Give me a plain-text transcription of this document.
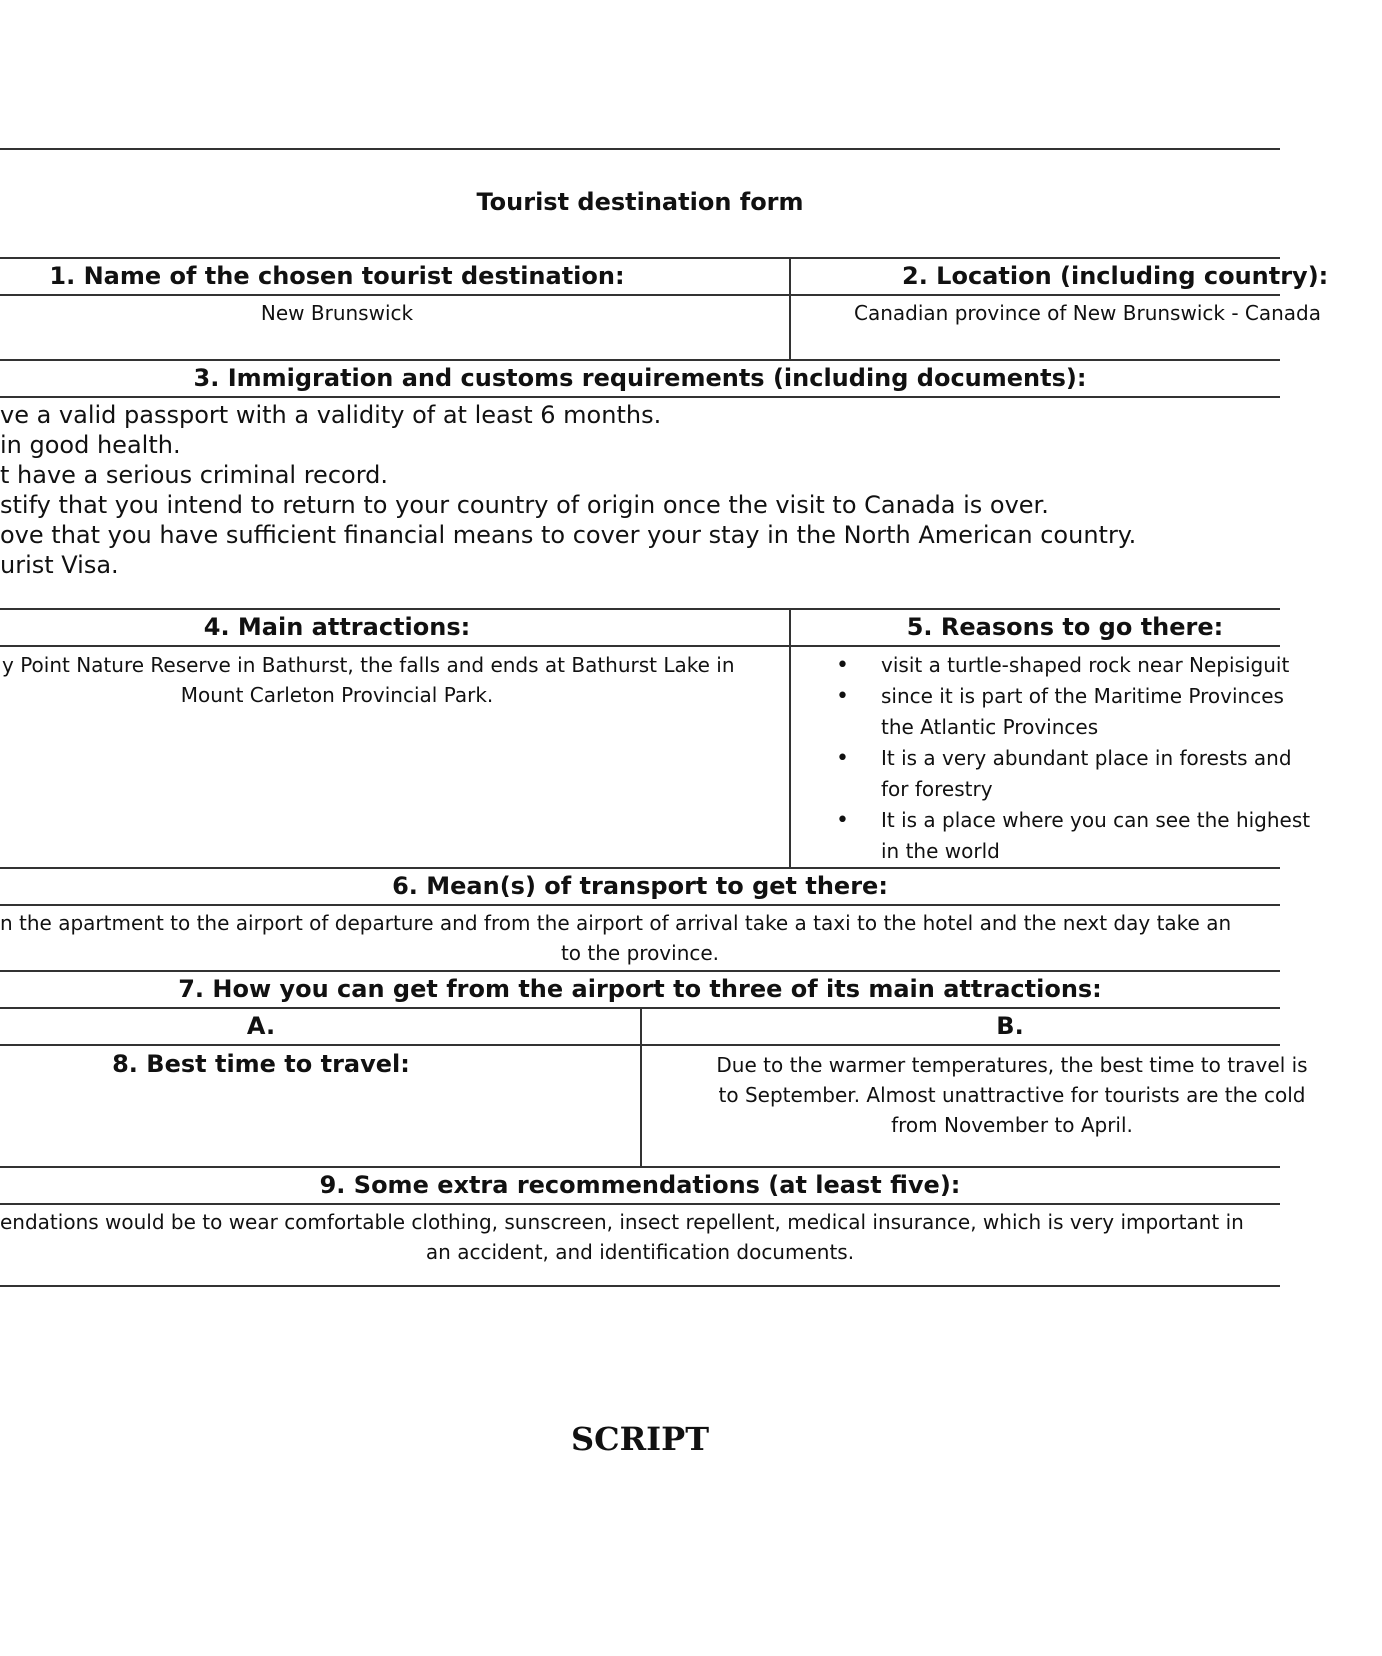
Tourist destination form
1. Name of the chosen tourist destination:
New Brunswick
2. Location (including country):
Canadian province of New Brunswick - Canada
3. Immigration and customs requirements (including documents):
ve a valid passport with a validity of at least 6 months.
in good health.
t have a serious criminal record.
stify that you intend to return to your country of origin once the visit to Canada is over.
ove that you have sufficient financial means to cover your stay in the North American country.
urist Visa.
4. Main attractions:
y Point Nature Reserve in Bathurst, the falls and ends at Bathurst Lake in
Mount Carleton Provincial Park.
5. Reasons to go there:
• visit a turtle-shaped rock near Nepisiguit
• since it is part of the Maritime Provinces
the Atlantic Provinces
• It is a very abundant place in forests and
for forestry
• It is a place where you can see the highest
in the world
6. Mean(s) of transport to get there:
n the apartment to the airport of departure and from the airport of arrival take a taxi to the hotel and the next day take an
to the province.
7. How you can get from the airport to three of its main attractions:
A.	B.
8. Best time to travel:	Due to the warmer temperatures, the best time to travel is
to September. Almost unattractive for tourists are the cold
from November to April.
9. Some extra recommendations (at least five):
endations would be to wear comfortable clothing, sunscreen, insect repellent, medical insurance, which is very important in
an accident, and identification documents.
SCRIPT
